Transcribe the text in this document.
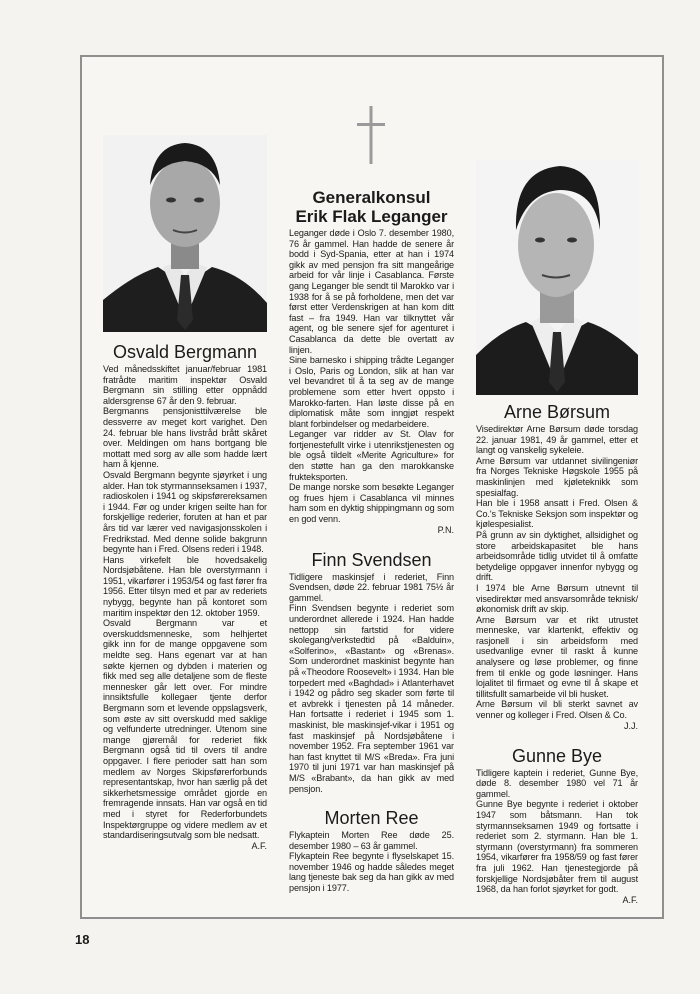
Osvald Bergmann

Ved månedsskiftet januar/februar 1981 fratrådte maritim inspektør Osvald Bergmann sin stilling etter oppnådd aldersgrense 67 år den 9. februar.

Bergmanns pensjonisttilværelse ble dessverre av meget kort varighet. Den 24. februar ble hans livstråd brått skåret over. Meldingen om hans bortgang ble mottatt med sorg av alle som hadde lært ham å kjenne.

Osvald Bergmann begynte sjøyrket i ung alder. Han tok styrmannseksamen i 1937, radioskolen i 1941 og skipsførereksamen i 1944. Før og under krigen seilte han for forskjellige rederier, foruten at han et par års tid var lærer ved navigasjonsskolen i Fredrikstad. Med denne solide bakgrunn begynte han i Fred. Olsens rederi i 1948.

Hans virkefelt ble hovedsakelig Nordsjøbåtene. Han ble overstyrmann i 1951, vikarfører i 1953/54 og fast fører fra 1956. Etter tilsyn med et par av rederiets nybygg, begynte han på kontoret som maritim inspektør den 12. oktober 1959.

Osvald Bergmann var et overskuddsmenneske, som helhjertet gikk inn for de mange oppgavene som meldte seg. Hans egenart var at han søkte kjernen og dybden i materien og fikk med seg alle detaljene som de fleste mennesker går lett over. For mindre innsiktsfulle kollegaer tjente derfor Bergmann som et levende oppslagsverk, som øste av sitt overskudd med saklige og velfunderte utredninger. Utenom sine mange gjøremål for rederiet fikk Bergmann også tid til overs til andre oppgaver. I flere perioder satt han som medlem av Norges Skipsførerforbunds representantskap, hvor han særlig på det sikkerhetsmessige området gjorde en fremragende innsats. Han var også en tid med i styret for Rederforbundets Inspektørgruppe og videre medlem av et standardiseringsutvalg som ble nedsatt.

A.F.

Generalkonsul
Erik Flak Leganger

Leganger døde i Oslo 7. desember 1980, 76 år gammel. Han hadde de senere år bodd i Syd-Spania, etter at han i 1974 gikk av med pensjon fra sitt mangeårige arbeid for vår linje i Casablanca. Første gang Leganger ble sendt til Marokko var i 1938 for å se på forholdene, men det var først etter Verdenskrigen at han kom ditt fast – fra 1949. Han var tilknyttet vår agent, og ble senere sjef for agenturet i Casablanca da dette ble overtatt av linjen.

Sine barnesko i shipping trådte Leganger i Oslo, Paris og London, slik at han var vel bevandret til å ta seg av de mange problemene som etter hvert oppsto i Marokko-farten. Han løste disse på en diplomatisk måte som inngjøt respekt blant forbindelser og medarbeidere.

Leganger var ridder av St. Olav for fortjenestefullt virke i utenrikstjenesten og ble også tildelt «Merite Agriculture» for den støtte han ga den marokkanske frukteksporten.

De mange norske som besøkte Leganger og frues hjem i Casablanca vil minnes ham som en dyktig shippingmann og som en god venn.

P.N.

Finn Svendsen

Tidligere maskinsjef i rederiet, Finn Svendsen, døde 22. februar 1981 75½ år gammel.

Finn Svendsen begynte i rederiet som underordnet allerede i 1924. Han hadde nettopp sin fartstid for videre skolegang/verkstedtid på «Balduin», «Solferino», «Bastant» og «Brenas». Som underordnet maskinist begynte han på «Theodore Roosevelt» i 1934. Han ble torpedert med «Baghdad» i Atlanterhavet i 1942 og pådro seg skader som førte til et avbrekk i tjenesten på 14 måneder. Han fortsatte i rederiet i 1945 som 1. maskinist, ble maskinsjef-vikar i 1951 og fast maskinsjef på Nordsjøbåtene i november 1952. Fra september 1961 var han fast knyttet til M/S «Breda». Fra juni 1970 til juni 1971 var han maskinsjef på M/S «Brabant», da han gikk av med pensjon.

Morten Ree

Flykaptein Morten Ree døde 25. desember 1980 – 63 år gammel.

Flykaptein Ree begynte i flyselskapet 15. november 1946 og hadde således meget lang tjeneste bak seg da han gikk av med pensjon i 1977.

Arne Børsum

Visedirektør Arne Børsum døde torsdag 22. januar 1981, 49 år gammel, etter et langt og vanskelig sykeleie.

Arne Børsum var utdannet sivilingeniør fra Norges Tekniske Høgskole 1955 på maskinlinjen med kjøleteknikk som spesialfag.

Han ble i 1958 ansatt i Fred. Olsen & Co.'s Tekniske Seksjon som inspektør og kjølespesialist.

På grunn av sin dyktighet, allsidighet og store arbeidskapasitet ble hans arbeidsområde tidlig utvidet til å omfatte betydelige oppgaver innenfor nybygg og drift.

I 1974 ble Arne Børsum utnevnt til visedirektør med ansvarsområde teknisk/økonomisk drift av skip.

Arne Børsum var et rikt utrustet menneske, var klartenkt, effektiv og rasjonell i sin arbeidsform med usedvanlige evner til raskt å kunne analysere og løse problemer, og finne frem til enkle og gode løsninger. Hans lojalitet til firmaet og evne til å skape et tillitsfullt samarbeide vil bli husket.

Arne Børsum vil bli sterkt savnet av venner og kolleger i Fred. Olsen & Co.

J.J.

Gunne Bye

Tidligere kaptein i rederiet, Gunne Bye, døde 8. desember 1980 vel 71 år gammel.

Gunne Bye begynte i rederiet i oktober 1947 som båtsmann. Han tok styrmannseksamen 1949 og fortsatte i rederiet som 2. styrmann. Han ble 1. styrmann (overstyrmann) fra sommeren 1954, vikarfører fra 1958/59 og fast fører fra juli 1962. Han tjenestegjorde på forskjellige Nordsjøbåter frem til august 1968, da han forlot sjøyrket for godt.

A.F.

18
